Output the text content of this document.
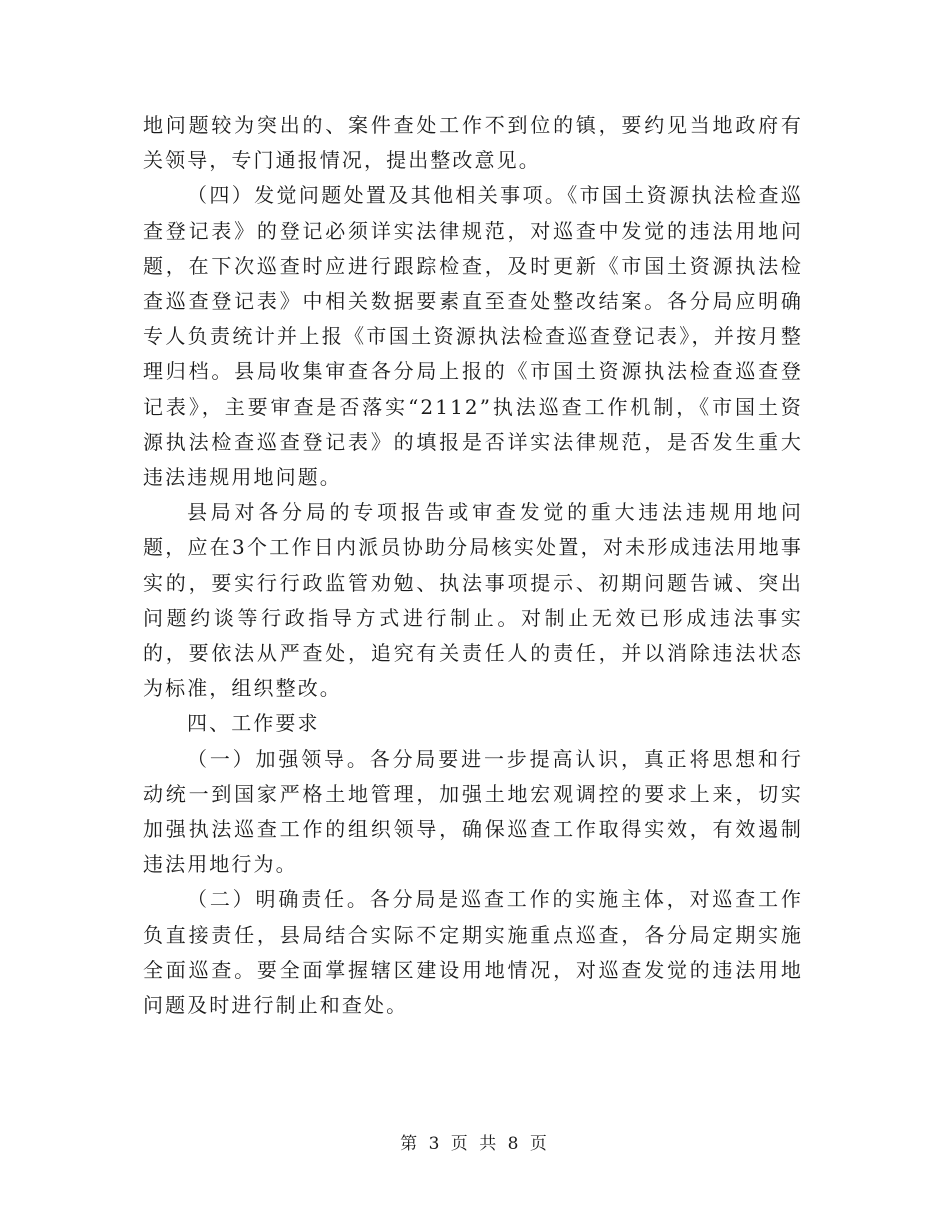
地问题较为突出的、案件查处工作不到位的镇，要约见当地政府有关领导，专门通报情况，提出整改意见。

（四）发觉问题处置及其他相关事项。《市国土资源执法检查巡查登记表》的登记必须详实法律规范，对巡查中发觉的违法用地问题，在下次巡查时应进行跟踪检查，及时更新《市国土资源执法检查巡查登记表》中相关数据要素直至查处整改结案。各分局应明确专人负责统计并上报《市国土资源执法检查巡查登记表》，并按月整理归档。县局收集审查各分局上报的《市国土资源执法检查巡查登记表》，主要审查是否落实“2112”执法巡查工作机制，《市国土资源执法检查巡查登记表》的填报是否详实法律规范，是否发生重大违法违规用地问题。

县局对各分局的专项报告或审查发觉的重大违法违规用地问题，应在3个工作日内派员协助分局核实处置，对未形成违法用地事实的，要实行行政监管劝勉、执法事项提示、初期问题告诫、突出问题约谈等行政指导方式进行制止。对制止无效已形成违法事实的，要依法从严查处，追究有关责任人的责任，并以消除违法状态为标准，组织整改。

四、工作要求

（一）加强领导。各分局要进一步提高认识，真正将思想和行动统一到国家严格土地管理，加强土地宏观调控的要求上来，切实加强执法巡查工作的组织领导，确保巡查工作取得实效，有效遏制违法用地行为。

（二）明确责任。各分局是巡查工作的实施主体，对巡查工作负直接责任，县局结合实际不定期实施重点巡查，各分局定期实施全面巡查。要全面掌握辖区建设用地情况，对巡查发觉的违法用地问题及时进行制止和查处。

第 3 页 共 8 页
